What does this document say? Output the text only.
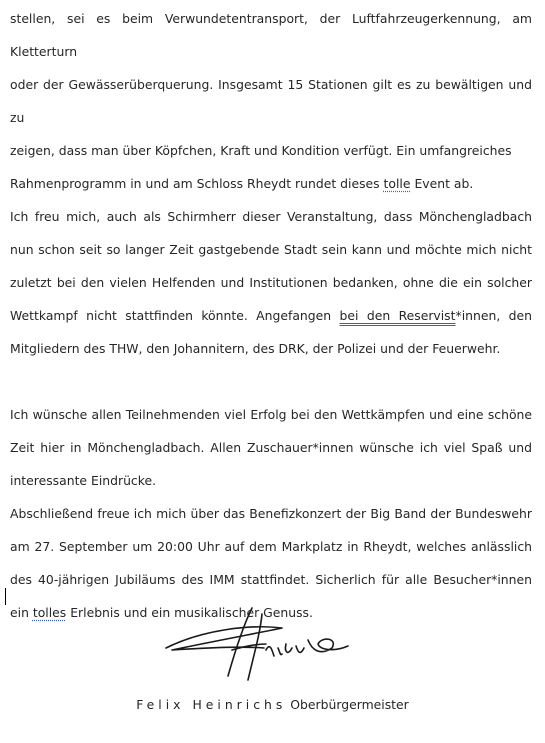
stellen, sei es beim Verwundetentransport, der Luftfahrzeugerkennung, am Kletterturn
oder der Gewässerüberquerung. Insgesamt 15 Stationen gilt es zu bewältigen und zu
zeigen, dass man über Köpfchen, Kraft und Kondition verfügt. Ein umfangreiches
Rahmenprogramm in und am Schloss Rheydt rundet dieses tolle Event ab.

Ich freu mich, auch als Schirmherr dieser Veranstaltung, dass Mönchengladbach nun schon seit so langer Zeit gastgebende Stadt sein kann und möchte mich nicht zuletzt bei den vielen Helfenden und Institutionen bedanken, ohne die ein solcher Wettkampf nicht stattfinden könnte. Angefangen bei den Reservist*innen, den Mitgliedern des THW, den Johannitern, des DRK, der Polizei und der Feuerwehr.

Ich wünsche allen Teilnehmenden viel Erfolg bei den Wettkämpfen und eine schöne Zeit hier in Mönchengladbach. Allen Zuschauer*innen wünsche ich viel Spaß und interessante Eindrücke.

Abschließend freue ich mich über das Benefizkonzert der Big Band der Bundeswehr am 27. September um 20:00 Uhr auf dem Markplatz in Rheydt, welches anlässlich des 40-jährigen Jubiläums des IMM stattfindet. Sicherlich für alle Besucher*innen ein tolles Erlebnis und ein musikalischer Genuss.

Felix Heinrichs Oberbürgermeister
